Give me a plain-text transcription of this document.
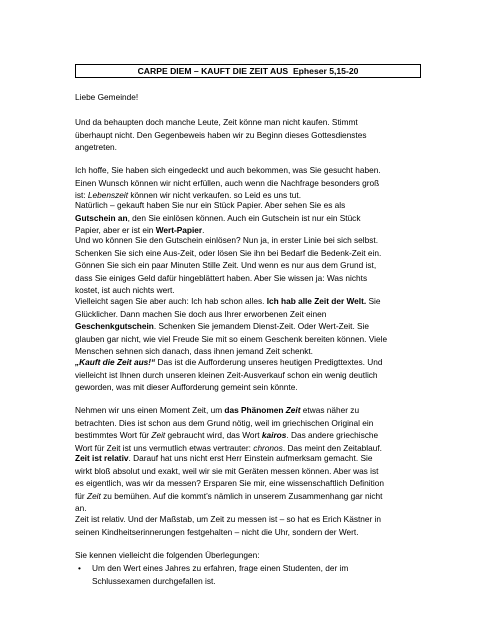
CARPE DIEM – KAUFT DIE ZEIT AUS Epheser 5,15-20
Liebe Gemeinde!
Und da behaupten doch manche Leute, Zeit könne man nicht kaufen. Stimmt
überhaupt nicht. Den Gegenbeweis haben wir zu Beginn dieses Gottesdienstes
angetreten.
Ich hoffe, Sie haben sich eingedeckt und auch bekommen, was Sie gesucht haben.
Einen Wunsch können wir nicht erfüllen, auch wenn die Nachfrage besonders groß
ist: Lebenszeit können wir nicht verkaufen. so Leid es uns tut.
Natürlich – gekauft haben Sie nur ein Stück Papier. Aber sehen Sie es als
Gutschein an, den Sie einlösen können. Auch ein Gutschein ist nur ein Stück
Papier, aber er ist ein Wert-Papier.
Und wo können Sie den Gutschein einlösen? Nun ja, in erster Linie bei sich selbst.
Schenken Sie sich eine Aus-Zeit, oder lösen Sie ihn bei Bedarf die Bedenk-Zeit ein.
Gönnen Sie sich ein paar Minuten Stille Zeit. Und wenn es nur aus dem Grund ist,
dass Sie einiges Geld dafür hingeblättert haben. Aber Sie wissen ja: Was nichts
kostet, ist auch nichts wert.
Vielleicht sagen Sie aber auch: Ich hab schon alles. Ich hab alle Zeit der Welt. Sie
Glücklicher. Dann machen Sie doch aus Ihrer erworbenen Zeit einen
Geschenkgutschein. Schenken Sie jemandem Dienst-Zeit. Oder Wert-Zeit. Sie
glauben gar nicht, wie viel Freude Sie mit so einem Geschenk bereiten können. Viele
Menschen sehnen sich danach, dass ihnen jemand Zeit schenkt.
„Kauft die Zeit aus!“ Das ist die Aufforderung unseres heutigen Predigttextes. Und
vielleicht ist Ihnen durch unseren kleinen Zeit-Ausverkauf schon ein wenig deutlich
geworden, was mit dieser Aufforderung gemeint sein könnte.
Nehmen wir uns einen Moment Zeit, um das Phänomen Zeit etwas näher zu
betrachten. Dies ist schon aus dem Grund nötig, weil im griechischen Original ein
bestimmtes Wort für Zeit gebraucht wird, das Wort kairos. Das andere griechische
Wort für Zeit ist uns vermutlich etwas vertrauter: chronos. Das meint den Zeitablauf.
Zeit ist relativ. Darauf hat uns nicht erst Herr Einstein aufmerksam gemacht. Sie
wirkt bloß absolut und exakt, weil wir sie mit Geräten messen können. Aber was ist
es eigentlich, was wir da messen? Ersparen Sie mir, eine wissenschaftlich Definition
für Zeit zu bemühen. Auf die kommt’s nämlich in unserem Zusammenhang gar nicht
an.
Zeit ist relativ. Und der Maßstab, um Zeit zu messen ist – so hat es Erich Kästner in
seinen Kindheitserinnerungen festgehalten – nicht die Uhr, sondern der Wert.
Sie kennen vielleicht die folgenden Überlegungen:
• Um den Wert eines Jahres zu erfahren, frage einen Studenten, der im
Schlussexamen durchgefallen ist.
